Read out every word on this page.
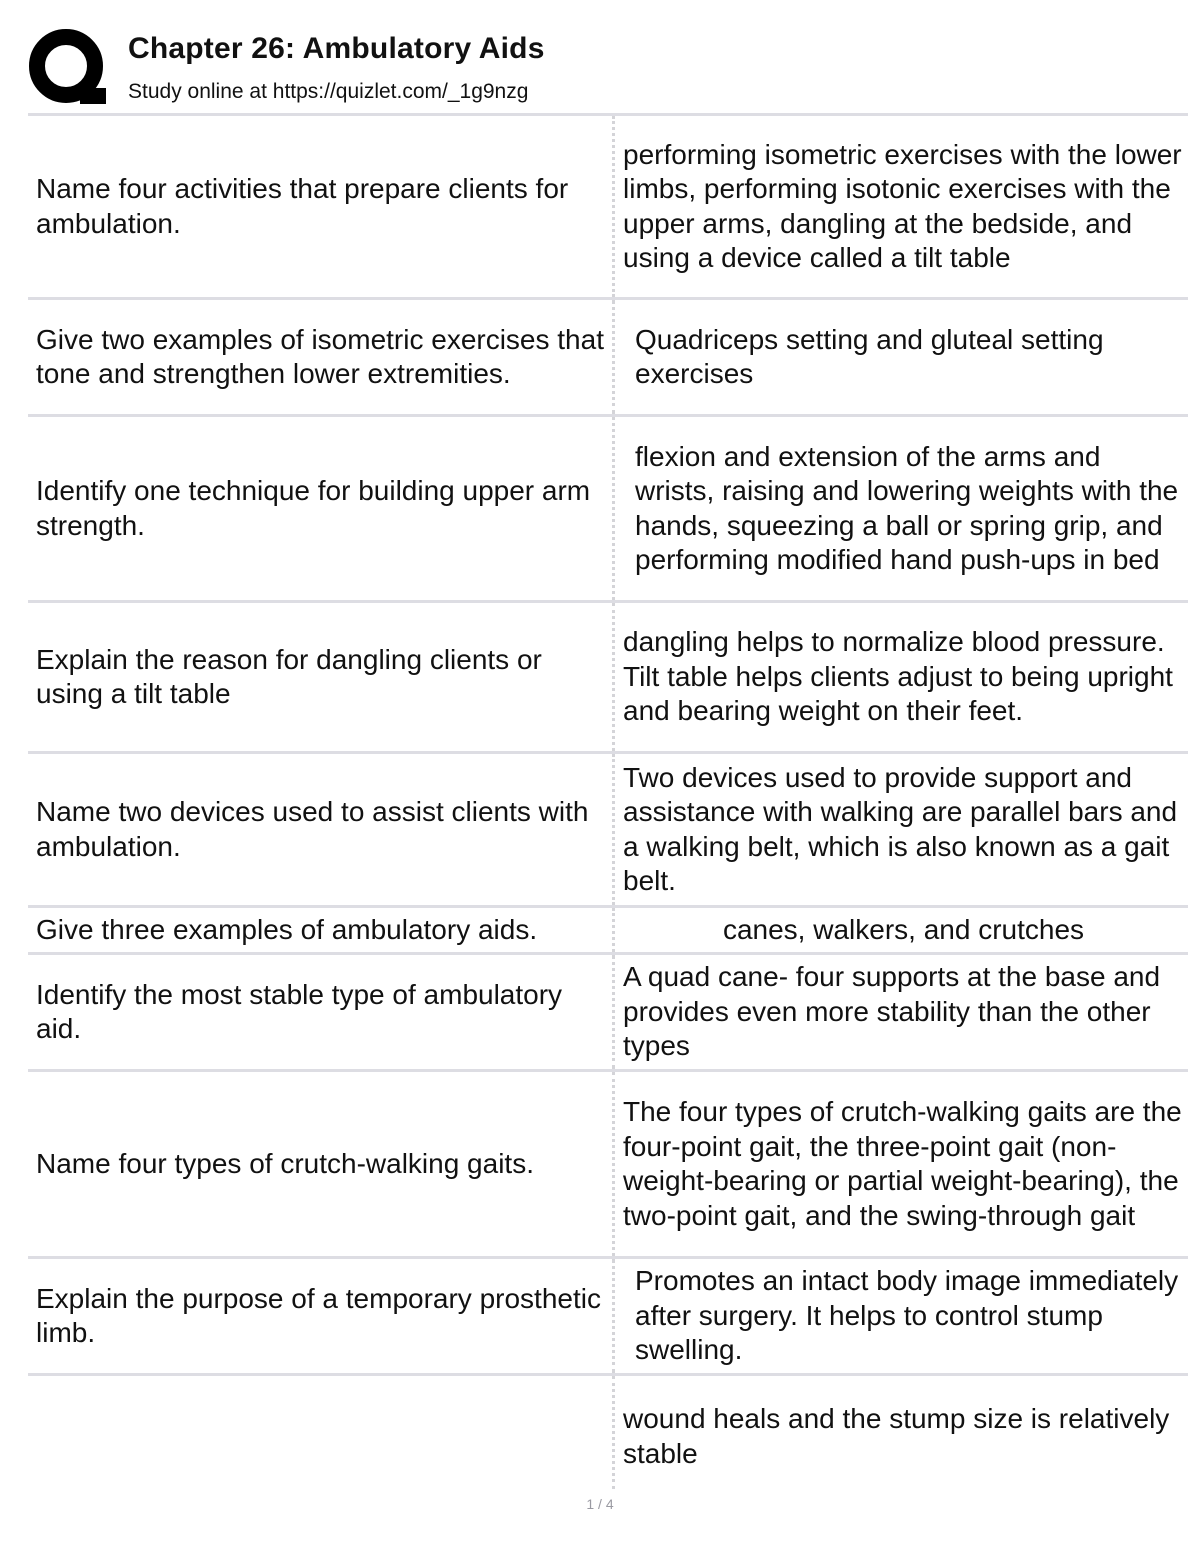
Chapter 26: Ambulatory Aids
Study online at https://quizlet.com/_1g9nzg
Name four activities that prepare clients for ambulation.	performing isometric exercises with the lower limbs, performing isotonic exercises with the upper arms, dangling at the bedside, and using a device called a tilt table
Give two examples of isometric exercises that tone and strengthen lower extremities.	Quadriceps setting and gluteal setting exercises
Identify one technique for building upper arm strength.	flexion and extension of the arms and wrists, raising and lowering weights with the hands, squeezing a ball or spring grip, and performing modified hand push-ups in bed
Explain the reason for dangling clients or using a tilt table	dangling helps to normalize blood pressure. Tilt table helps clients adjust to being upright and bearing weight on their feet.
Name two devices used to assist clients with ambulation.	Two devices used to provide support and assistance with walking are parallel bars and a walking belt, which is also known as a gait belt.
Give three examples of ambulatory aids.	canes, walkers, and crutches
Identify the most stable type of ambulatory aid.	A quad cane- four supports at the base and provides even more stability than the other types
Name four types of crutch-walking gaits.	The four types of crutch-walking gaits are the four-point gait, the three-point gait (non-weight-bearing or partial weight-bearing), the two-point gait, and the swing-through gait
Explain the purpose of a temporary prosthetic limb.	Promotes an intact body image immediately after surgery. It helps to control stump swelling.
	wound heals and the stump size is relatively stable
1 / 4
